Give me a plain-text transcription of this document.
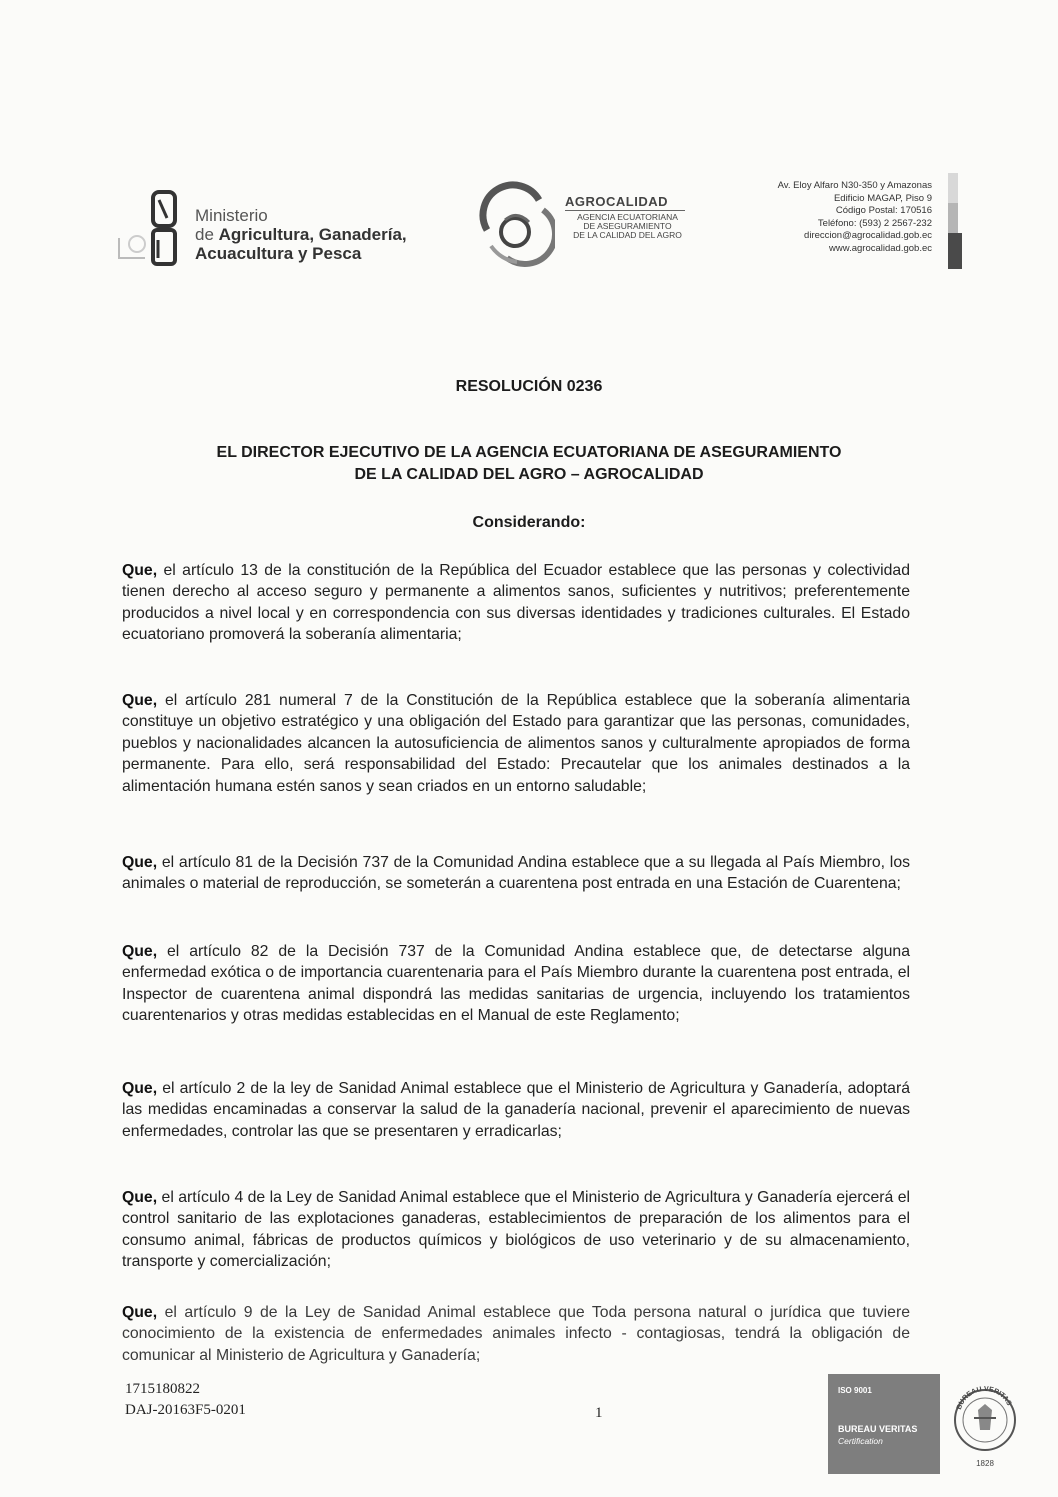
Ministerio
de Agricultura, Ganadería,
Acuacultura y Pesca
AGROCALIDAD
AGENCIA ECUATORIANA
DE ASEGURAMIENTO
DE LA CALIDAD DEL AGRO
Av. Eloy Alfaro N30-350 y Amazonas
Edificio MAGAP, Piso 9
Código Postal: 170516
Teléfono: (593) 2 2567-232
direccion@agrocalidad.gob.ec
www.agrocalidad.gob.ec
RESOLUCIÓN 0236
EL DIRECTOR EJECUTIVO DE LA AGENCIA ECUATORIANA DE ASEGURAMIENTO
DE LA CALIDAD DEL AGRO – AGROCALIDAD
Considerando:

Que, el artículo 13 de la constitución de la República del Ecuador establece que las personas y colectividad tienen derecho al acceso seguro y permanente a alimentos sanos, suficientes y nutritivos; preferentemente producidos a nivel local y en correspondencia con sus diversas identidades y tradiciones culturales. El Estado ecuatoriano promoverá la soberanía alimentaria;

Que, el artículo 281 numeral 7 de la Constitución de la República establece que la soberanía alimentaria constituye un objetivo estratégico y una obligación del Estado para garantizar que las personas, comunidades, pueblos y nacionalidades alcancen la autosuficiencia de alimentos sanos y culturalmente apropiados de forma permanente. Para ello, será responsabilidad del Estado: Precautelar que los animales destinados a la alimentación humana estén sanos y sean criados en un entorno saludable;

Que, el artículo 81 de la Decisión 737 de la Comunidad Andina establece que a su llegada al País Miembro, los animales o material de reproducción, se someterán a cuarentena post entrada en una Estación de Cuarentena;

Que, el artículo 82 de la Decisión 737 de la Comunidad Andina establece que, de detectarse alguna enfermedad exótica o de importancia cuarentenaria para el País Miembro durante la cuarentena post entrada, el Inspector de cuarentena animal dispondrá las medidas sanitarias de urgencia, incluyendo los tratamientos cuarentenarios y otras medidas establecidas en el Manual de este Reglamento;

Que, el artículo 2 de la ley de Sanidad Animal establece que el Ministerio de Agricultura y Ganadería, adoptará las medidas encaminadas a conservar la salud de la ganadería nacional, prevenir el aparecimiento de nuevas enfermedades, controlar las que se presentaren y erradicarlas;

Que, el artículo 4 de la Ley de Sanidad Animal establece que el Ministerio de Agricultura y Ganadería ejercerá el control sanitario de las explotaciones ganaderas, establecimientos de preparación de los alimentos para el consumo animal, fábricas de productos químicos y biológicos de uso veterinario y de su almacenamiento, transporte y comercialización;

Que, el artículo 9 de la Ley de Sanidad Animal establece que Toda persona natural o jurídica que tuviere conocimiento de la existencia de enfermedades animales infecto - contagiosas, tendrá la obligación de comunicar al Ministerio de Agricultura y Ganadería;

1715180822
DAJ-20163F5-0201	1
ISO 9001
BUREAU VERITAS
Certification
BUREAU VERITAS
1828
